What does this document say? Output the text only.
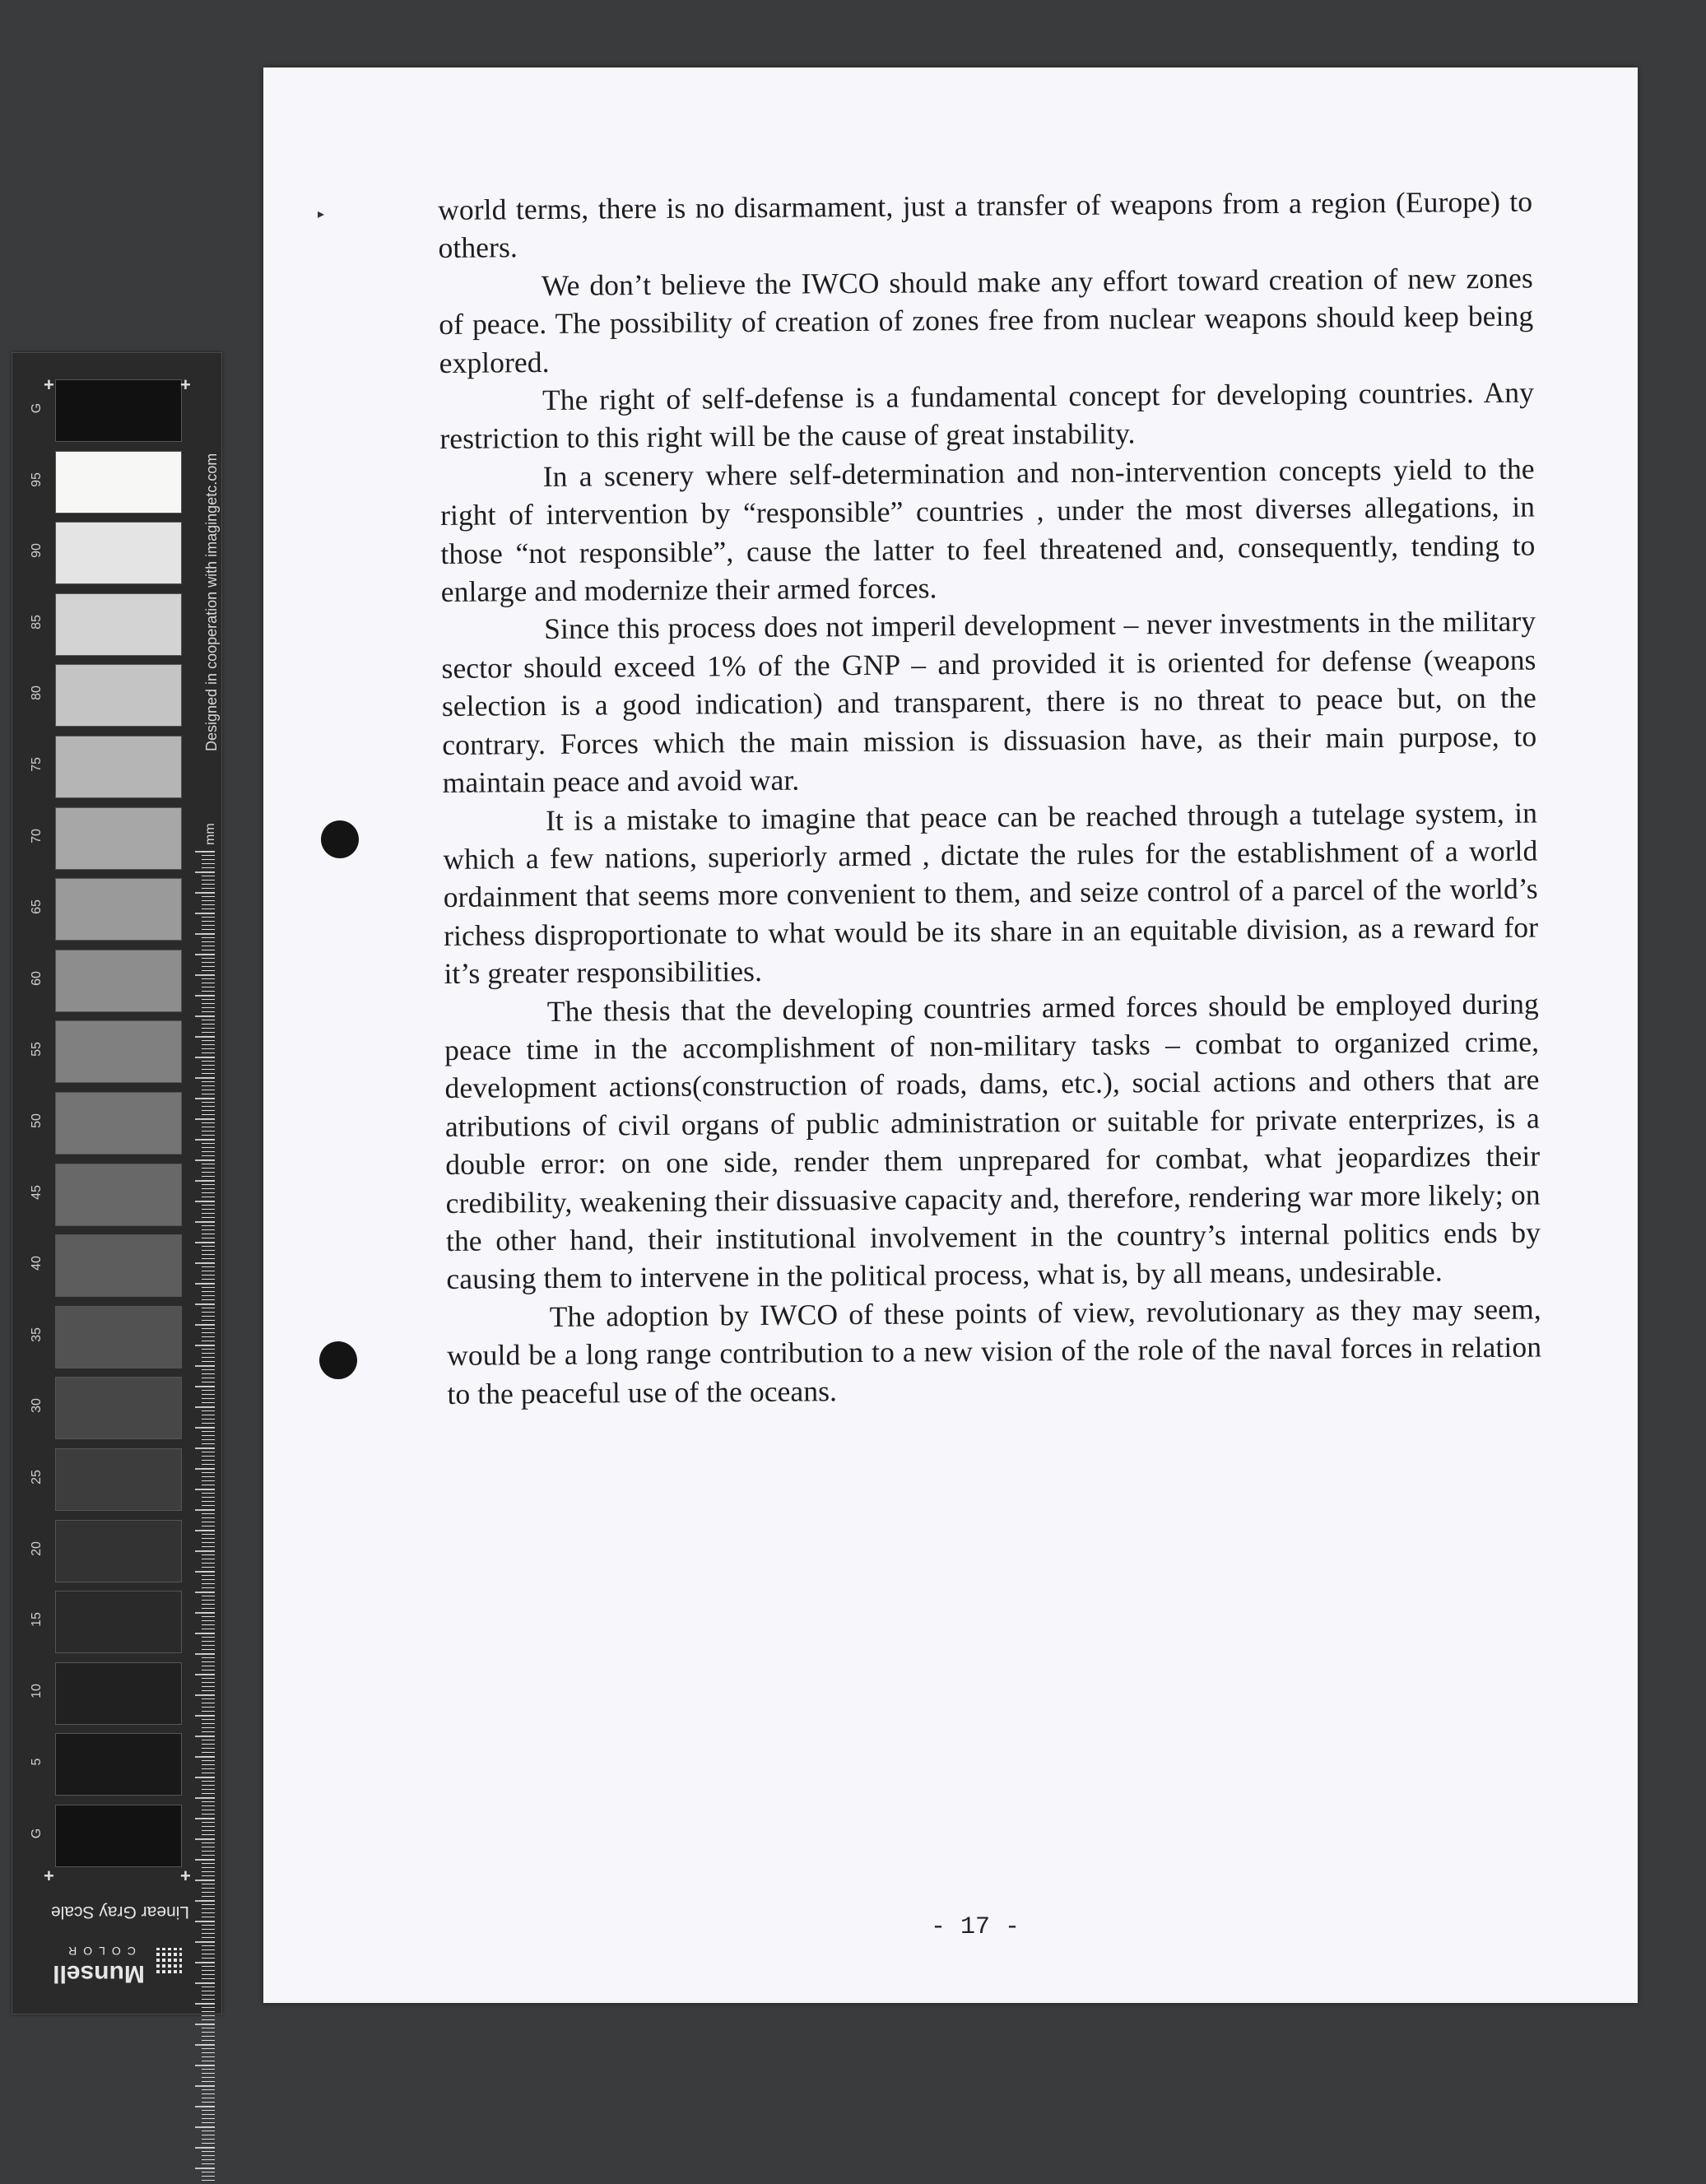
G
95
90
85
80
75
70
65
60
55
50
45
40
35
30
25
20
15
10
5
G
+	+
+	+
Designed in cooperation with imagingetc.com
mm
Linear Gray Scale
COLOR
Munsell
▸	world terms, there is no disarmament, just a transfer of weapons from a region (Europe) to others.

We don’t believe the IWCO should make any effort toward creation of new zones of peace. The possibility of creation of zones free from nuclear weapons should keep being explored.

The right of self-defense is a fundamental concept for developing countries. Any restriction to this right will be the cause of great instability.

In a scenery where self-determination and non-intervention concepts yield to the right of intervention by “responsible” countries , under the most diverses allegations, in those “not responsible”, cause the latter to feel threatened and, consequently, tending to enlarge and modernize their armed forces.

Since this process does not imperil development – never investments in the military sector should exceed 1% of the GNP – and provided it is oriented for defense (weapons selection is a good indication) and transparent, there is no threat to peace but, on the contrary. Forces which the main mission is dissuasion have, as their main purpose, to maintain peace and avoid war.

It is a mistake to imagine that peace can be reached through a tutelage system, in which a few nations, superiorly armed , dictate the rules for the establishment of a world ordainment that seems more convenient to them, and seize control of a parcel of the world’s richess disproportionate to what would be its share in an equitable division, as a reward for it’s greater responsibilities.

The thesis that the developing countries armed forces should be employed during peace time in the accomplishment of non-military tasks – combat to organized crime, development actions(construction of roads, dams, etc.), social actions and others that are atributions of civil organs of public administration or suitable for private enterprizes, is a double error: on one side, render them unprepared for combat, what jeopardizes their credibility, weakening their dissuasive capacity and, therefore, rendering war more likely; on the other hand, their institutional involvement in the country’s internal politics ends by causing them to intervene in the political process, what is, by all means, undesirable.

The adoption by IWCO of these points of view, revolutionary as they may seem, would be a long range contribution to a new vision of the role of the naval forces in relation to the peaceful use of the oceans.

- 17 -
